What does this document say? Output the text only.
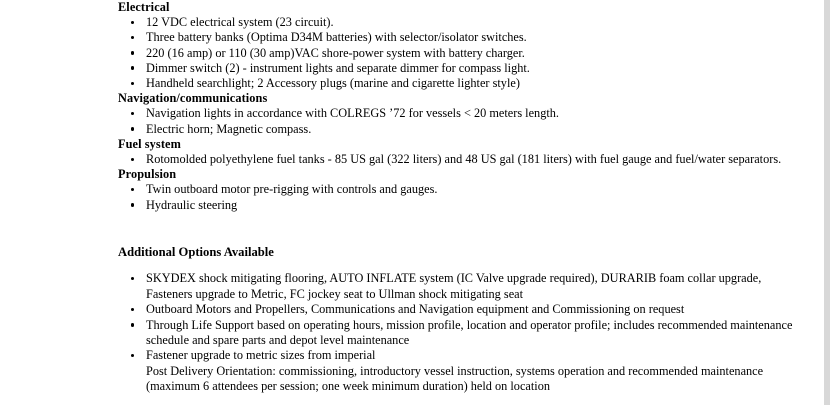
Electrical
12 VDC electrical system (23 circuit).
Three battery banks (Optima D34M batteries) with selector/isolator switches.
220 (16 amp) or 110 (30 amp)VAC shore-power system with battery charger.
Dimmer switch (2) - instrument lights and separate dimmer for compass light.
Handheld searchlight; 2 Accessory plugs (marine and cigarette lighter style)
Navigation/communications
Navigation lights in accordance with COLREGS ’72 for vessels < 20 meters length.
Electric horn; Magnetic compass.
Fuel system
Rotomolded polyethylene fuel tanks - 85 US gal (322 liters) and 48 US gal (181 liters) with fuel gauge and fuel/water separators.
Propulsion
Twin outboard motor pre-rigging with controls and gauges.
Hydraulic steering
Additional Options Available
SKYDEX shock mitigating flooring, AUTO INFLATE system (IC Valve upgrade required), DURARIB foam collar upgrade,
Fasteners upgrade to Metric, FC jockey seat to Ullman shock mitigating seat
Outboard Motors and Propellers, Communications and Navigation equipment and Commissioning on request
Through Life Support based on operating hours, mission profile, location and operator profile; includes recommended maintenance
schedule and spare parts and depot level maintenance
Fastener upgrade to metric sizes from imperial
Post Delivery Orientation: commissioning, introductory vessel instruction, systems operation and recommended maintenance
(maximum 6 attendees per session; one week minimum duration) held on location
